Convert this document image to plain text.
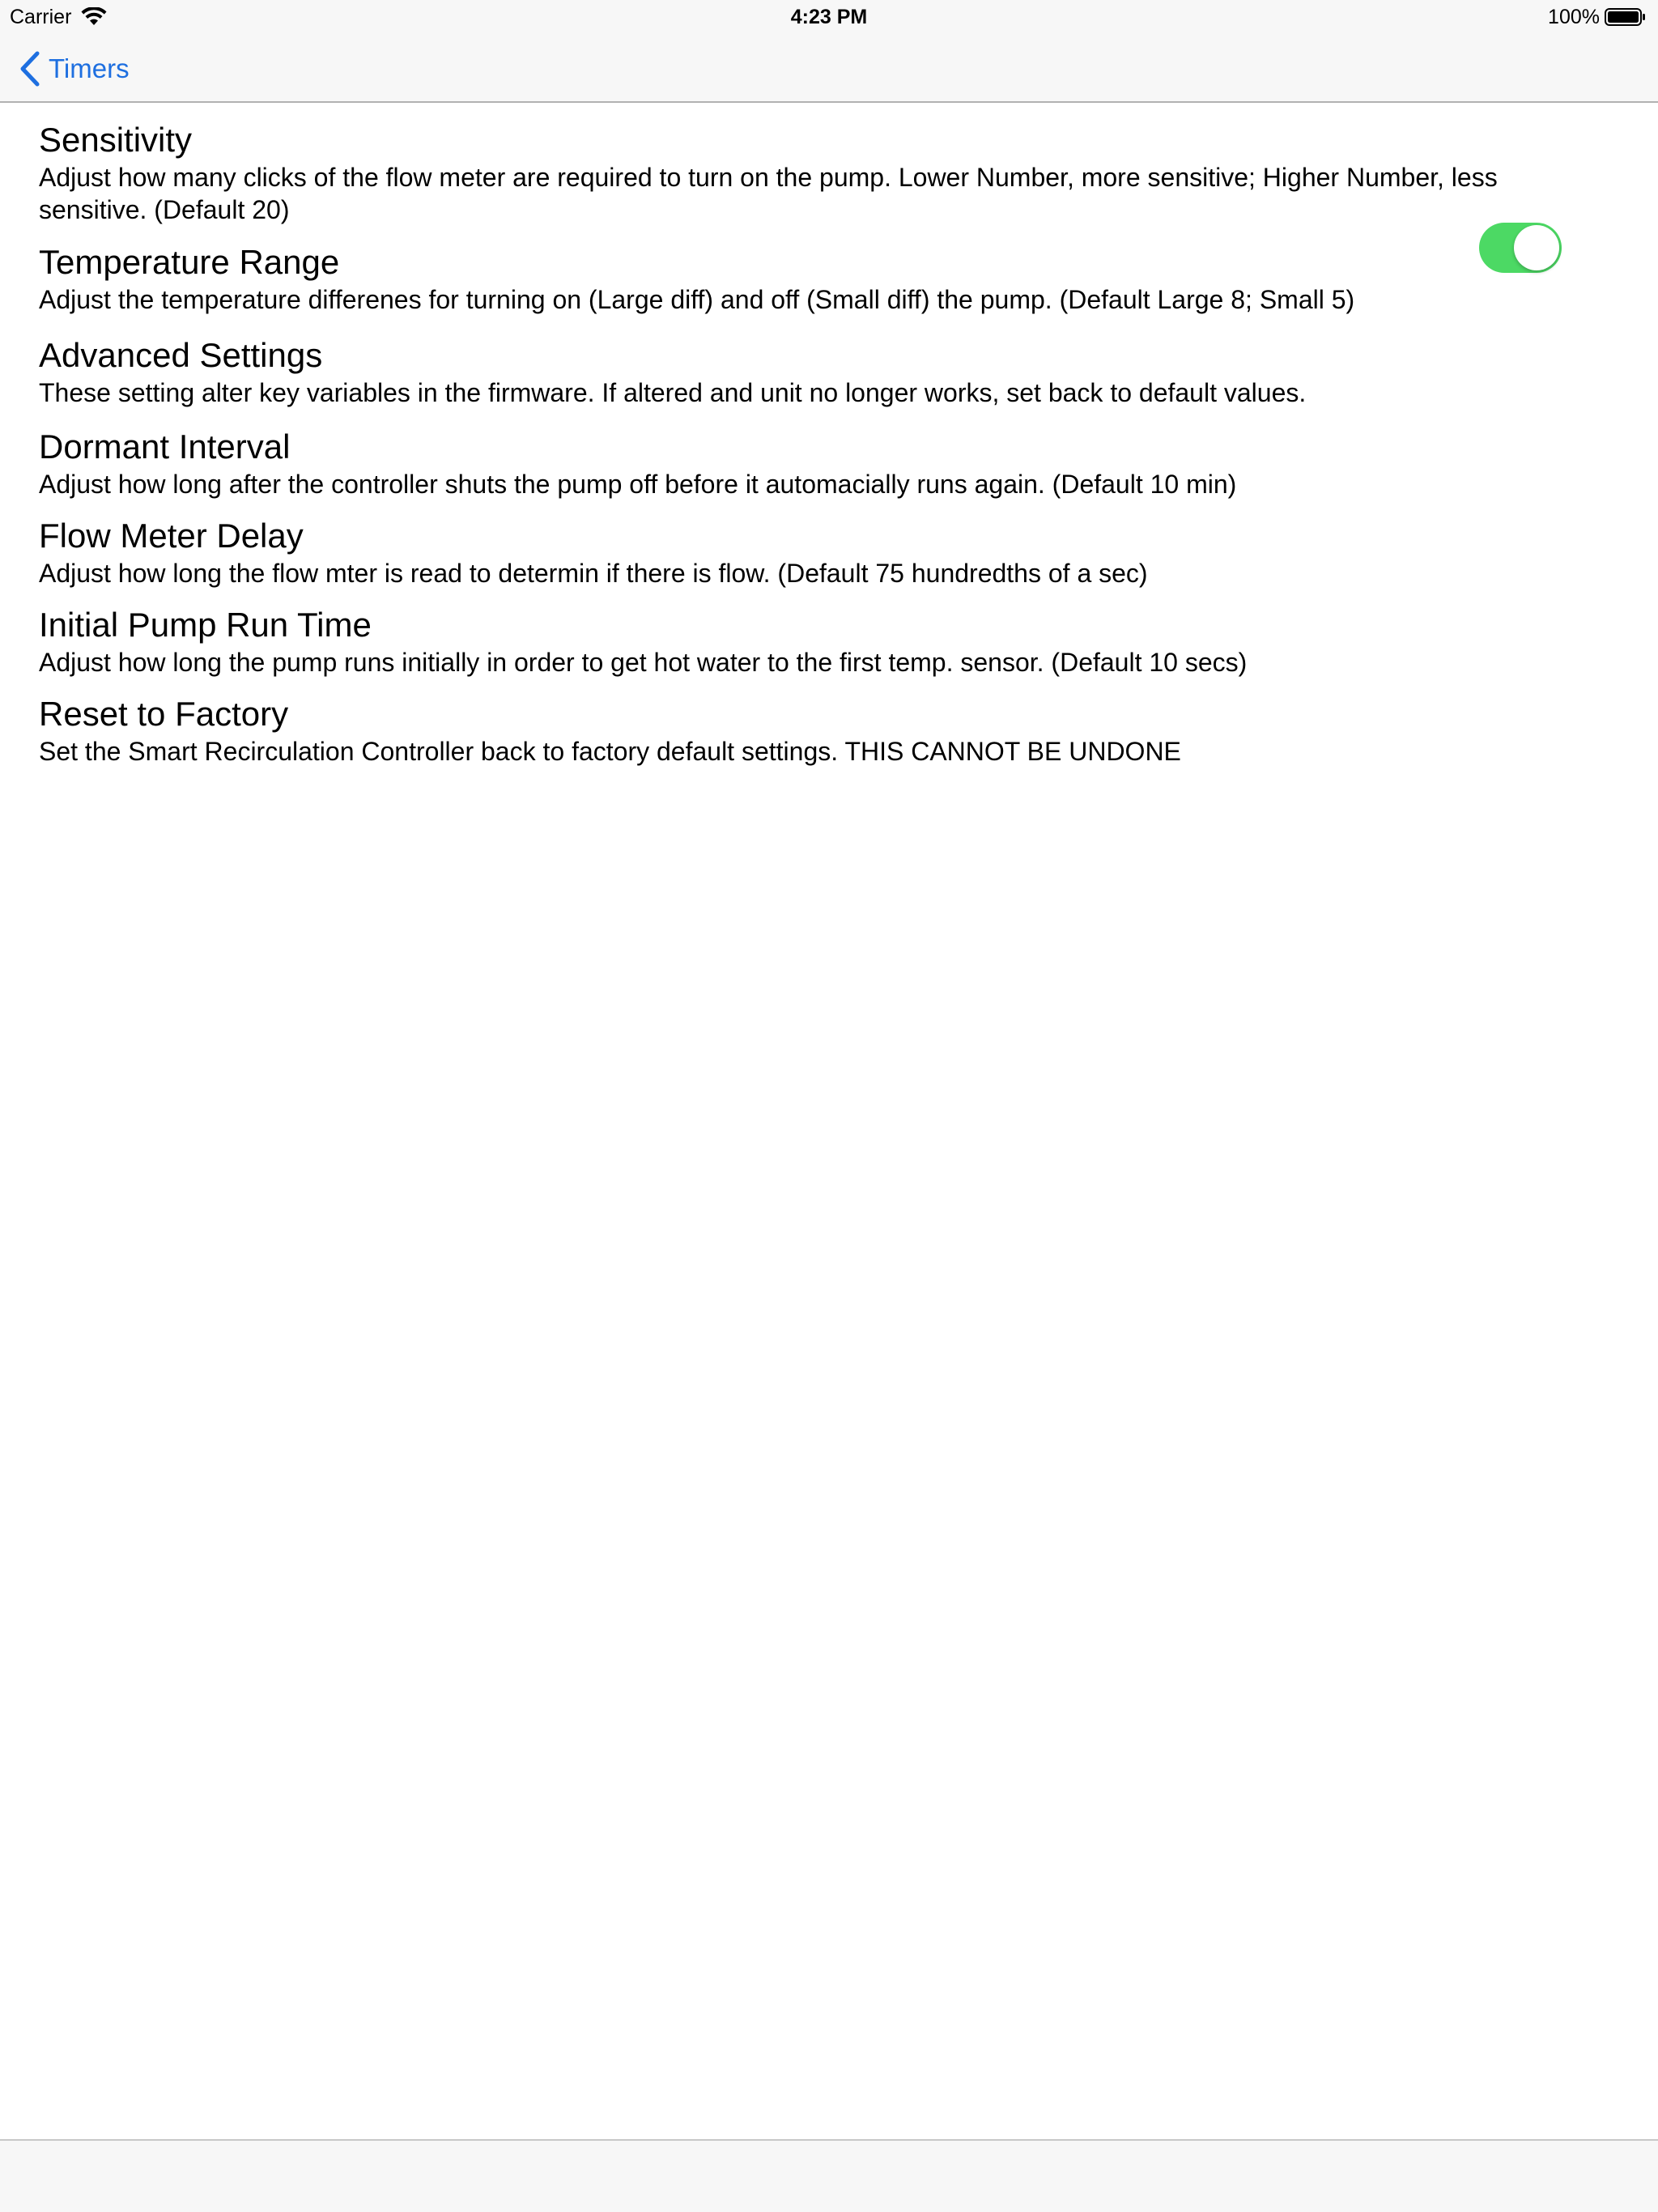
Carrier	4:23 PM	100%
Timers
Sensitivity

Adjust how many clicks of the flow meter are required to turn on the pump. Lower Number, more sensitive; Higher Number, less sensitive. (Default 20)

Temperature Range

Adjust the temperature differenes for turning on (Large diff) and off (Small diff) the pump. (Default Large 8; Small 5)

Advanced Settings

These setting alter key variables in the firmware. If altered and unit no longer works, set back to default values.

Dormant Interval

Adjust how long after the controller shuts the pump off before it automacially runs again. (Default 10 min)

Flow Meter Delay

Adjust how long the flow mter is read to determin if there is flow. (Default 75 hundredths of a sec)

Initial Pump Run Time

Adjust how long the pump runs initially in order to get hot water to the first temp. sensor. (Default 10 secs)

Reset to Factory

Set the Smart Recirculation Controller back to factory default settings. THIS CANNOT BE UNDONE
